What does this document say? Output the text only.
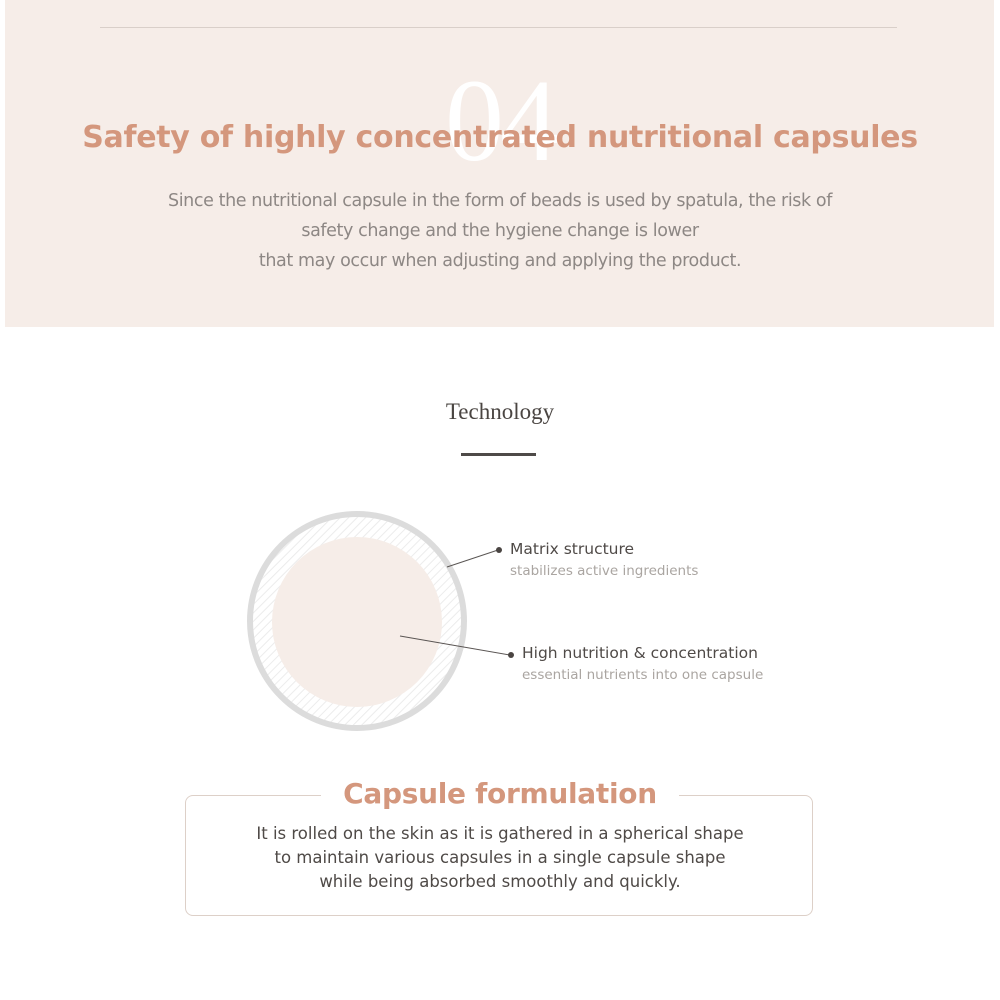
04
Safety of highly concentrated nutritional capsules
Since the nutritional capsule in the form of beads is used by spatula, the risk of
safety change and the hygiene change is lower
that may occur when adjusting and applying the product.
Technology
Matrix structure
stabilizes active ingredients
High nutrition & concentration
essential nutrients into one capsule
Capsule formulation
It is rolled on the skin as it is gathered in a spherical shape
to maintain various capsules in a single capsule shape
while being absorbed smoothly and quickly.
